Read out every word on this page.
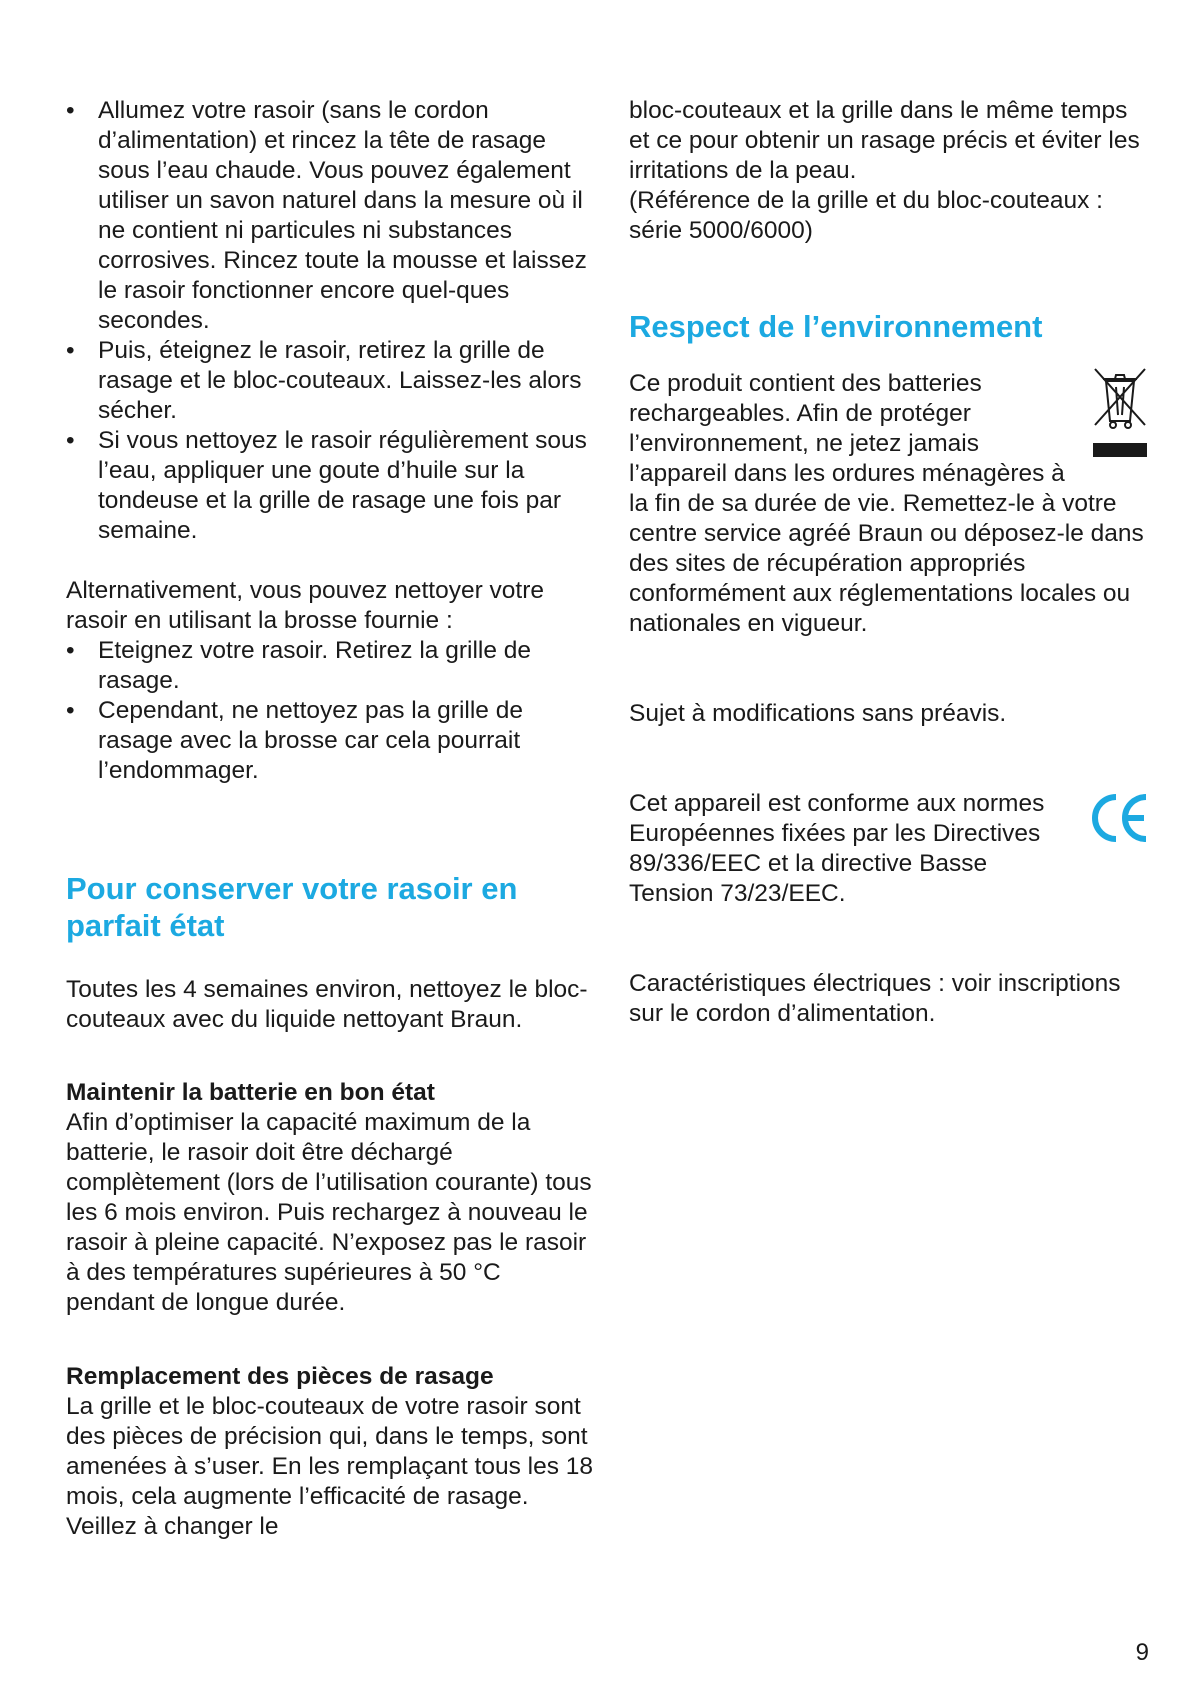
• Allumez votre rasoir (sans le cordon d’alimentation) et rincez la tête de rasage sous l’eau chaude. Vous pouvez également utiliser un savon naturel dans la mesure où il ne contient ni particules ni substances corrosives. Rincez toute la mousse et laissez le rasoir fonctionner encore quel-ques secondes.
• Puis, éteignez le rasoir, retirez la grille de rasage et le bloc-couteaux. Laissez-les alors sécher.
• Si vous nettoyez le rasoir régulièrement sous l’eau, appliquer une goute d’huile sur la tondeuse et la grille de rasage une fois par semaine.

Alternativement, vous pouvez nettoyer votre rasoir en utilisant la brosse fournie :

• Eteignez votre rasoir. Retirez la grille de rasage.
• Cependant, ne nettoyez pas la grille de rasage avec la brosse car cela pourrait l’endommager.
Pour conserver votre rasoir en parfait état

Toutes les 4 semaines environ, nettoyez le bloc-couteaux avec du liquide nettoyant Braun.

Maintenir la batterie en bon état

Afin d’optimiser la capacité maximum de la batterie, le rasoir doit être déchargé complètement (lors de l’utilisation courante) tous les 6 mois environ. Puis rechargez à nouveau le rasoir à pleine capacité. N’exposez pas le rasoir à des températures supérieures à 50 °C pendant de longue durée.

Remplacement des pièces de rasage

La grille et le bloc-couteaux de votre rasoir sont des pièces de précision qui, dans le temps, sont amenées à s’user. En les remplaçant tous les 18 mois, cela augmente l’efficacité de rasage. Veillez à changer le

bloc-couteaux et la grille dans le même temps et ce pour obtenir un rasage précis et éviter les irritations de la peau.

(Référence de la grille et du bloc-couteaux : série 5000/6000)

Respect de l’environnement

Ce produit contient des batteries rechargeables. Afin de protéger l’environnement, ne jetez jamais l’appareil dans les ordures ménagères à la fin de sa durée de vie. Remettez-le à votre centre service agréé Braun ou déposez-le dans des sites de récupération appropriés conformément aux réglementations locales ou nationales en vigueur.

Sujet à modifications sans préavis.

Cet appareil est conforme aux normes Européennes fixées par les Directives 89/336/EEC et la directive Basse Tension 73/23/EEC.

Caractéristiques électriques : voir inscriptions sur le cordon d’alimentation.

9
